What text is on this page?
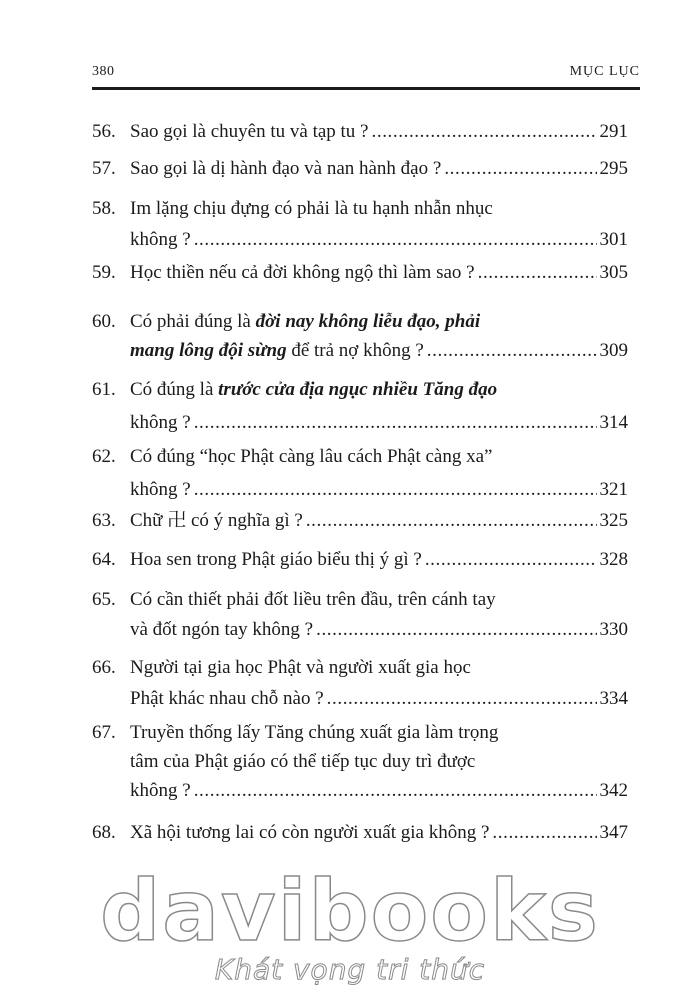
380	MỤC LỤC
56. Sao gọi là chuyên tu và tạp tu ? .....	291
57. Sao gọi là dị hành đạo và nan hành đạo ? .....	295
58. Im lặng chịu đựng có phải là tu hạnh nhẫn nhục
không ? .....	301
59. Học thiền nếu cả đời không ngộ thì làm sao ? .....	305
60. Có phải đúng là đời nay không liễu đạo, phải
mang lông đội sừng để trả nợ không ? .....	309
61. Có đúng là trước cửa địa ngục nhiều Tăng đạo
không ? .....	314
62. Có đúng “học Phật càng lâu cách Phật càng xa”
không ? .....	321
63. Chữ 卍 có ý nghĩa gì ? .....	325
64. Hoa sen trong Phật giáo biểu thị ý gì ? .....	328
65. Có cần thiết phải đốt liều trên đầu, trên cánh tay
và đốt ngón tay không ? .....	330
66. Người tại gia học Phật và người xuất gia học
Phật khác nhau chỗ nào ? .....	334
67. Truyền thống lấy Tăng chúng xuất gia làm trọng
tâm của Phật giáo có thể tiếp tục duy trì được
không ? .....	342
68. Xã hội tương lai có còn người xuất gia không ? .....	347
davibooks
Khát vọng tri thức
